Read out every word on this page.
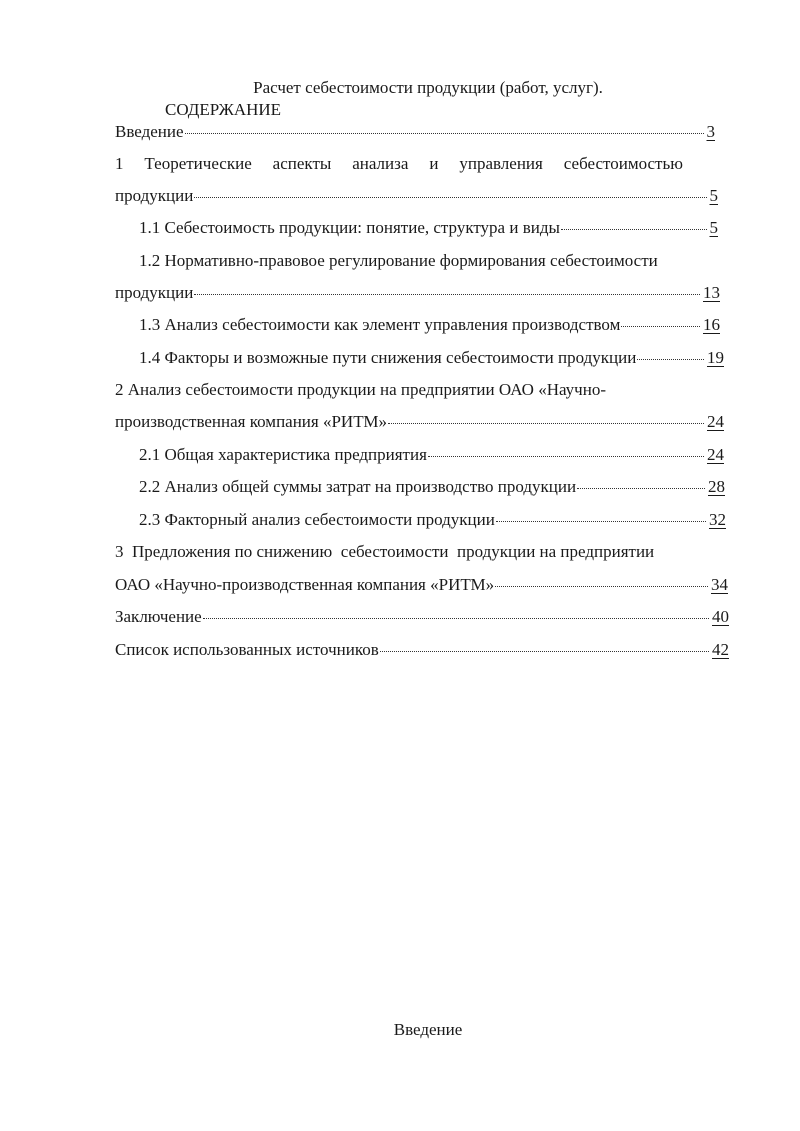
Расчет себестоимости продукции (работ, услуг).
СОДЕРЖАНИЕ
Введение	3
1 Теоретические аспекты анализа и управления себестоимостью
продукции	5
1.1 Себестоимость продукции: понятие, структура и виды	5
1.2 Нормативно-правовое регулирование формирования себестоимости
продукции	13
1.3 Анализ себестоимости как элемент управления производством	16
1.4 Факторы и возможные пути снижения себестоимости продукции	19
2 Анализ себестоимости продукции на предприятии ОАО «Научно-
производственная компания «РИТМ»	24
2.1 Общая характеристика предприятия	24
2.2 Анализ общей суммы затрат на производство продукции	28
2.3 Факторный анализ себестоимости продукции	32
3  Предложения по снижению  себестоимости  продукции на предприятии
ОАО «Научно-производственная компания «РИТМ»	34
Заключение	40
Список использованных источников	42
Введение
